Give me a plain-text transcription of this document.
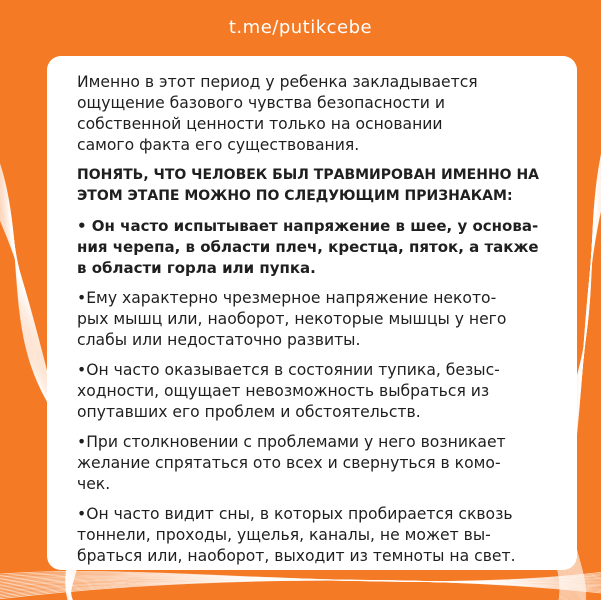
t.me/putikcebe

Именно в этот период у ребенка закладывается
ощущение базового чувства безопасности и
собственной ценности только на основании
самого факта его существования.

ПОНЯТЬ, ЧТО ЧЕЛОВЕК БЫЛ ТРАВМИРОВАН ИМЕННО НА
ЭТОМ ЭТАПЕ МОЖНО ПО СЛЕДУЮЩИМ ПРИЗНАКАМ:

• Он часто испытывает напряжение в шее, у основа-
ния черепа, в области плеч, крестца, пяток, а также
в области горла или пупка.

•Ему характерно чрезмерное напряжение некото-
рых мышц или, наоборот, некоторые мышцы у него
слабы или недостаточно развиты.

•Он часто оказывается в состоянии тупика, безыс-
ходности, ощущает невозможность выбраться из
опутавших его проблем и обстоятельств.

•При столкновении с проблемами у него возникает
желание спрятаться ото всех и свернуться в комо-
чек.

•Он часто видит сны, в которых пробирается сквозь
тоннели, проходы, ущелья, каналы, не может вы-
браться или, наоборот, выходит из темноты на свет.
